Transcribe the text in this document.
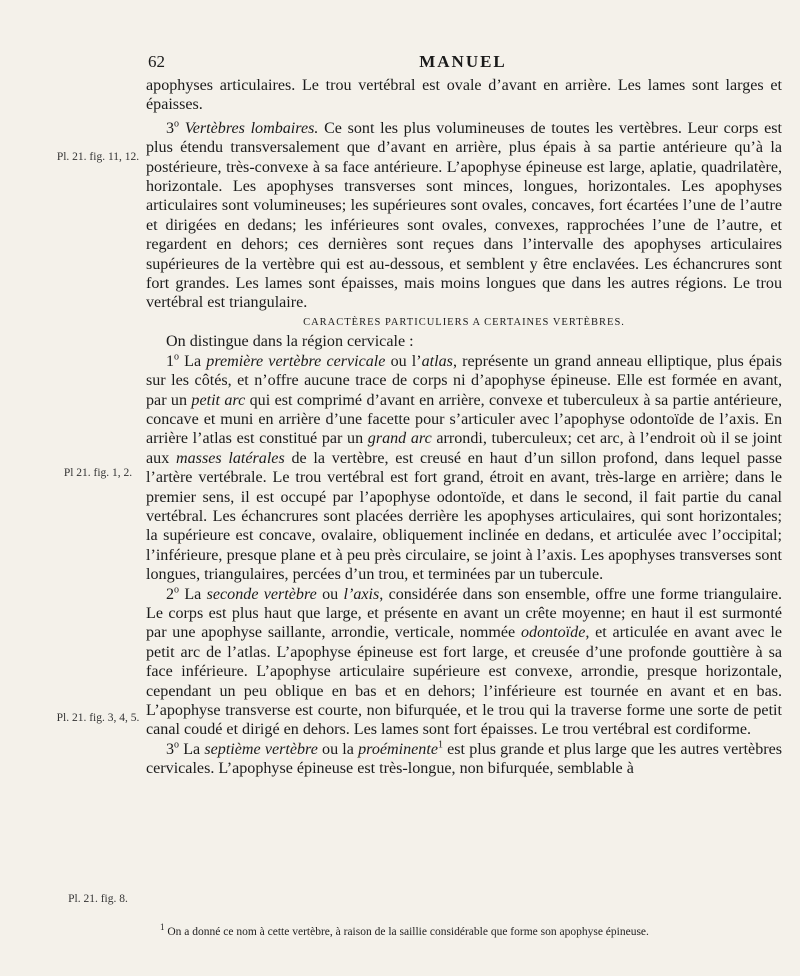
62	MANUEL
Pl. 21. fig. 11, 12.
Pl 21. fig. 1, 2.
Pl. 21. fig. 3, 4, 5.
Pl. 21. fig. 8.

apophyses articulaires. Le trou vertébral est ovale d’avant en arrière. Les lames sont larges et épaisses.

3$^o$ Vertèbres lombaires. Ce sont les plus volumineuses de toutes les vertèbres. Leur corps est plus étendu transversalement que d’avant en arrière, plus épais à sa partie antérieure qu’à la postérieure, très-convexe à sa face antérieure. L’apophyse épineuse est large, aplatie, quadrilatère, horizontale. Les apophyses transverses sont minces, longues, horizontales. Les apophyses articulaires sont volumineuses; les supérieures sont ovales, concaves, fort écartées l’une de l’autre et dirigées en dedans; les inférieures sont ovales, convexes, rapprochées l’une de l’autre, et regardent en dehors; ces dernières sont reçues dans l’intervalle des apophyses articulaires supérieures de la vertèbre qui est au-dessous, et semblent y être enclavées. Les échancrures sont fort grandes. Les lames sont épaisses, mais moins longues que dans les autres régions. Le trou vertébral est triangulaire.

CARACTÈRES PARTICULIERS A CERTAINES VERTÈBRES.

On distingue dans la région cervicale :

1$^o$ La première vertèbre cervicale ou l’atlas, représente un grand anneau elliptique, plus épais sur les côtés, et n’offre aucune trace de corps ni d’apophyse épineuse. Elle est formée en avant, par un petit arc qui est comprimé d’avant en arrière, convexe et tuberculeux à sa partie antérieure, concave et muni en arrière d’une facette pour s’articuler avec l’apophyse odontoïde de l’axis. En arrière l’atlas est constitué par un grand arc arrondi, tuberculeux; cet arc, à l’endroit où il se joint aux masses latérales de la vertèbre, est creusé en haut d’un sillon profond, dans lequel passe l’artère vertébrale. Le trou vertébral est fort grand, étroit en avant, très-large en arrière; dans le premier sens, il est occupé par l’apophyse odontoïde, et dans le second, il fait partie du canal vertébral. Les échancrures sont placées derrière les apophyses articulaires, qui sont horizontales; la supérieure est concave, ovalaire, obliquement inclinée en dedans, et articulée avec l’occipital; l’inférieure, presque plane et à peu près circulaire, se joint à l’axis. Les apophyses transverses sont longues, triangulaires, percées d’un trou, et terminées par un tubercule.

2$^o$ La seconde vertèbre ou l’axis, considérée dans son ensemble, offre une forme triangulaire. Le corps est plus haut que large, et présente en avant un crête moyenne; en haut il est surmonté par une apophyse saillante, arrondie, verticale, nommée odontoïde, et articulée en avant avec le petit arc de l’atlas. L’apophyse épineuse est fort large, et creusée d’une profonde gouttière à sa face inférieure. L’apophyse articulaire supérieure est convexe, arrondie, presque horizontale, cependant un peu oblique en bas et en dehors; l’inférieure est tournée en avant et en bas. L’apophyse transverse est courte, non bifurquée, et le trou qui la traverse forme une sorte de petit canal coudé et dirigé en dehors. Les lames sont fort épaisses. Le trou vertébral est cordiforme.

3$^o$ La septième vertèbre ou la proéminente$^1$ est plus grande et plus large que les autres vertèbres cervicales. L’apophyse épineuse est très-longue, non bifurquée, semblable à

$^1$ On a donné ce nom à cette vertèbre, à raison de la saillie considérable que forme son apophyse épineuse.
